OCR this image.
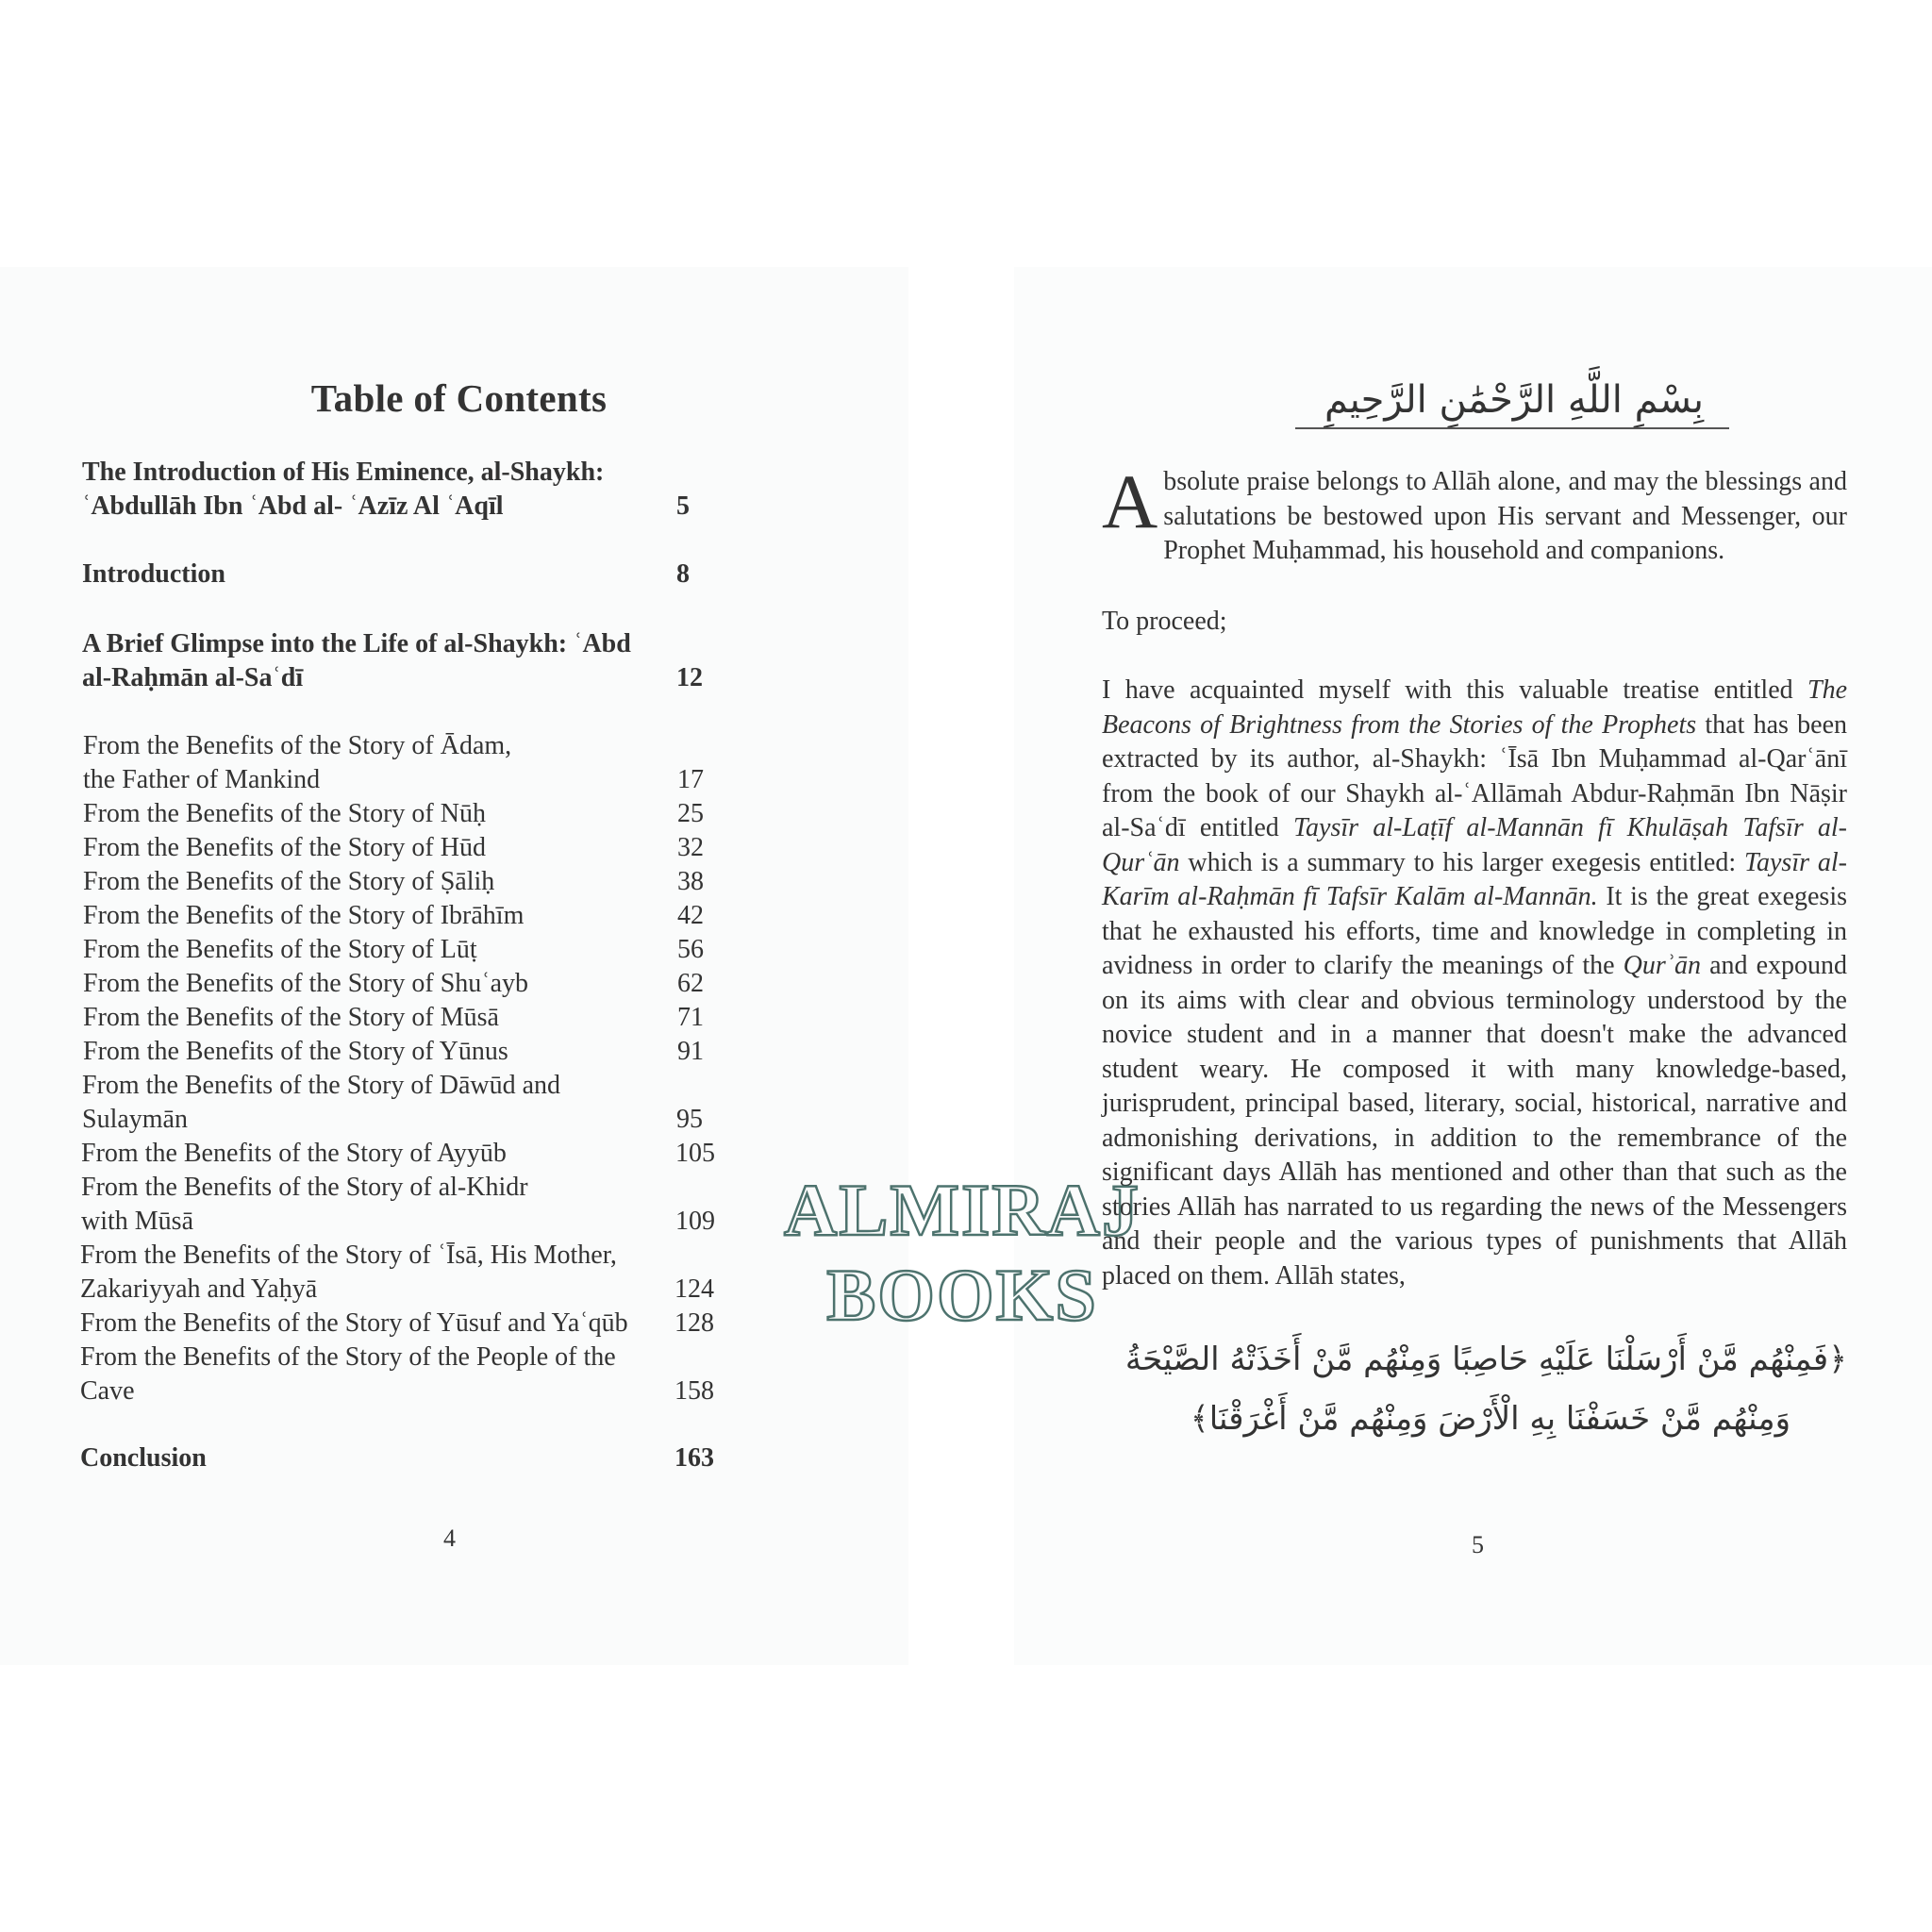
Table of Contents
The Introduction of His Eminence, al-Shaykh: ʿAbdullāh Ibn ʿAbd al- ʿAzīz Al ʿAqīl	5
Introduction	8
A Brief Glimpse into the Life of al-Shaykh: ʿAbd al-Raḥmān al-Saʿdī	12
From the Benefits of the Story of Ādam, the Father of Mankind	17
From the Benefits of the Story of Nūḥ	25
From the Benefits of the Story of Hūd	32
From the Benefits of the Story of Ṣāliḥ	38
From the Benefits of the Story of Ibrāhīm	42
From the Benefits of the Story of Lūṭ	56
From the Benefits of the Story of Shuʿayb	62
From the Benefits of the Story of Mūsā	71
From the Benefits of the Story of Yūnus	91
From the Benefits of the Story of Dāwūd and Sulaymān	95
From the Benefits of the Story of Ayyūb	105
From the Benefits of the Story of al-Khidr with Mūsā	109
From the Benefits of the Story of ʿĪsā, His Mother, Zakariyyah and Yaḥyā	124
From the Benefits of the Story of Yūsuf and Yaʿqūb	128
From the Benefits of the Story of the People of the Cave	158
Conclusion	163
4
بِسْمِ اللَّهِ الرَّحْمَٰنِ الرَّحِيمِ
Absolute praise belongs to Allāh alone, and may the blessings and salutations be bestowed upon His servant and Messenger, our Prophet Muḥammad, his household and companions.
To proceed;
I have acquainted myself with this valuable treatise entitled The Beacons of Brightness from the Stories of the Prophets that has been extracted by its author, al-Shaykh: ʿĪsā Ibn Muḥammad al-Qarʿānī from the book of our Shaykh al-ʿAllāmah Abdur-Raḥmān Ibn Nāṣir al-Saʿdī entitled Taysīr al-Laṭīf al-Mannān fī Khulāṣah Tafsīr al-Qurʿān which is a summary to his larger exegesis entitled: Taysīr al-Karīm al-Raḥmān fī Tafsīr Kalām al-Mannān. It is the great exegesis that he exhausted his efforts, time and knowledge in completing in avidness in order to clarify the meanings of the Qurʾān and expound on its aims with clear and obvious terminology understood by the novice student and in a manner that doesn't make the advanced student weary. He composed it with many knowledge-based, jurisprudent, principal based, literary, social, historical, narrative and admonishing derivations, in addition to the remembrance of the significant days Allāh has mentioned and other than that such as the stories Allāh has narrated to us regarding the news of the Messengers and their people and the various types of punishments that Allāh placed on them. Allāh states,
﴿فَمِنْهُم مَّنْ أَرْسَلْنَا عَلَيْهِ حَاصِبًا وَمِنْهُم مَّنْ أَخَذَتْهُ الصَّيْحَةُ
وَمِنْهُم مَّنْ خَسَفْنَا بِهِ الْأَرْضَ وَمِنْهُم مَّنْ أَغْرَقْنَا﴾
5
ALMIRAJ BOOKS
